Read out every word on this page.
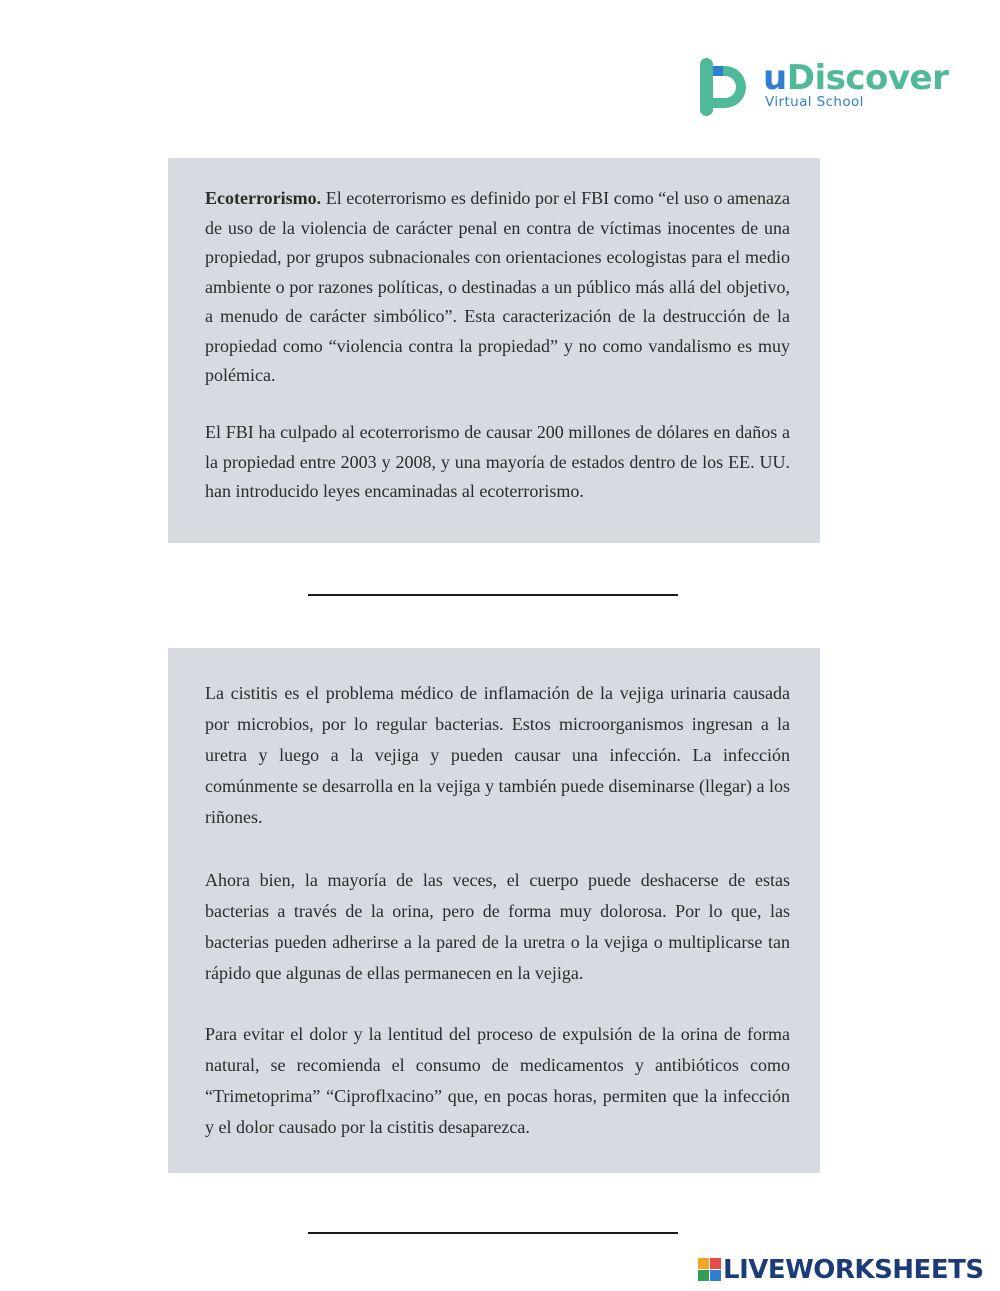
uDiscover
Virtual School

Ecoterrorismo. El ecoterrorismo es definido por el FBI como “el uso o amenaza de uso de la violencia de carácter penal en contra de víctimas inocentes de una propiedad, por grupos subnacionales con orientaciones ecologistas para el medio ambiente o por razones políticas, o destinadas a un público más allá del objetivo, a menudo de carácter simbólico”. Esta caracterización de la destrucción de la propiedad como “violencia contra la propiedad” y no como vandalismo es muy polémica.

El FBI ha culpado al ecoterrorismo de causar 200 millones de dólares en daños a la propiedad entre 2003 y 2008, y una mayoría de estados dentro de los EE. UU. han introducido leyes encaminadas al ecoterrorismo.

La cistitis es el problema médico de inflamación de la vejiga urinaria causada por microbios, por lo regular bacterias. Estos microorganismos ingresan a la uretra y luego a la vejiga y pueden causar una infección. La infección comúnmente se desarrolla en la vejiga y también puede diseminarse (llegar) a los riñones.

Ahora bien, la mayoría de las veces, el cuerpo puede deshacerse de estas bacterias a través de la orina, pero de forma muy dolorosa. Por lo que, las bacterias pueden adherirse a la pared de la uretra o la vejiga o multiplicarse tan rápido que algunas de ellas permanecen en la vejiga.

Para evitar el dolor y la lentitud del proceso de expulsión de la orina de forma natural, se recomienda el consumo de medicamentos y antibióticos como “Trimetoprima” “Ciproflxacino” que, en pocas horas, permiten que la infección y el dolor causado por la cistitis desaparezca.

LIVEWORKSHEETS
